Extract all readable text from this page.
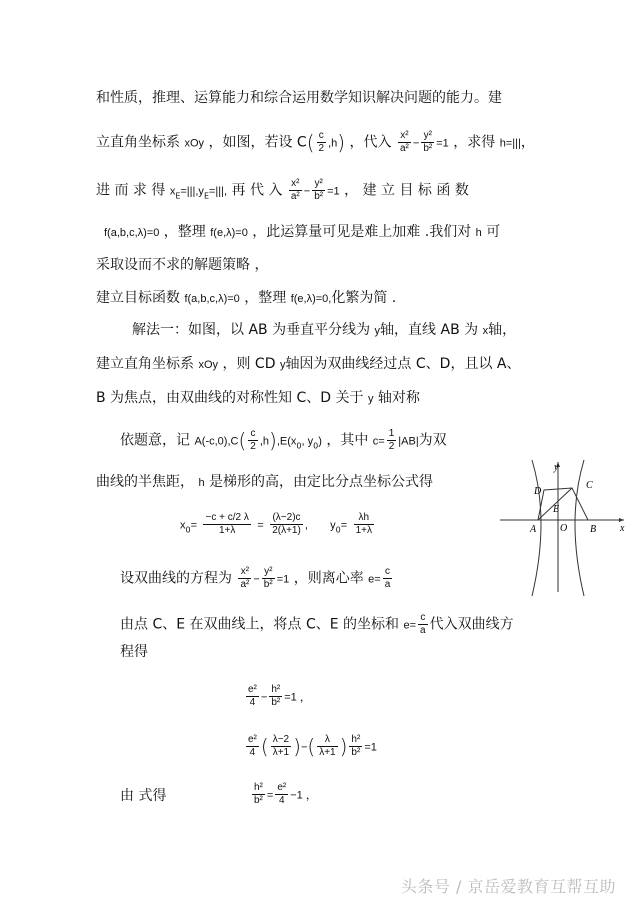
和性质，推理、运算能力和综合运用数学知识解决问题的能力。建
立直角坐标系 xOy ，如图，若设 $C( \frac{c}{2} ,h)$ ，代入 $\frac{\text{x²}}{\text{a²}} - \frac{\text{y²}}{\text{b²}} =1$ ，求得 h=|||，
进 而 求 得 $x_E=|||,y_E=|||$, 再 代 入 $\frac{\text{x²}}{\text{a²}} - \frac{\text{y²}}{\text{b²}} =1$ ， 建 立 目 标 函 数
f(a,b,c,λ)=0 ，整理 f(e,λ)=0 ，此运算量可见是难上加难 .我们对 h 可
采取设而不求的解题策略 ，
建立目标函数 f(a,b,c,λ)=0 ，整理 f(e,λ)=0,化繁为简 .
解法一：如图，以 AB 为垂直平分线为 y轴，直线 AB 为 x轴，
建立直角坐标系 xOy ，则 CD y轴因为双曲线经过点 C、D，且以 A、
B 为焦点，由双曲线的对称性知 C、D 关于 y 轴对称
依题意，记 $A(-c,0),C( \frac{c}{2} ,h),E(x_0$, $y_0$) ，其中 $c= \frac{1}{2} |AB|$为双
曲线的半焦距， h 是梯形的高，由定比分点坐标公式得
$x_0= \frac{-c + c/2 \lambda}{1+\lambda} = \frac{(\lambda-2)c}{2(\lambda+1)}$ , $y_0= \frac{\lambda h}{1+\lambda}$
y
x
D
C
E
A O B
设双曲线的方程为 $\frac{\text{x²}}{\text{a²}} - \frac{\text{y²}}{\text{b²}} =1$ ，则离心率 $e= \frac{c}{a}$
由点 C、E 在双曲线上，将点 C、E 的坐标和 $e= \frac{c}{a}$ 代入双曲线方
程得
$\frac{\text{e²}}{4} - \frac{\text{h²}}{\text{b²}} =1$ ，
$\frac{\text{e²}}{4}$ ( $\frac{\lambda-2}{\lambda+1}$ )−( $\frac{\lambda}{\lambda+1}$ ) $\frac{\text{h²}}{\text{b²}} =1$
由 式得	$\frac{\text{h²}}{\text{b²}} = \frac{\text{e²}}{4} -1$ ，
头条号 / 京岳爱教育互帮互助
